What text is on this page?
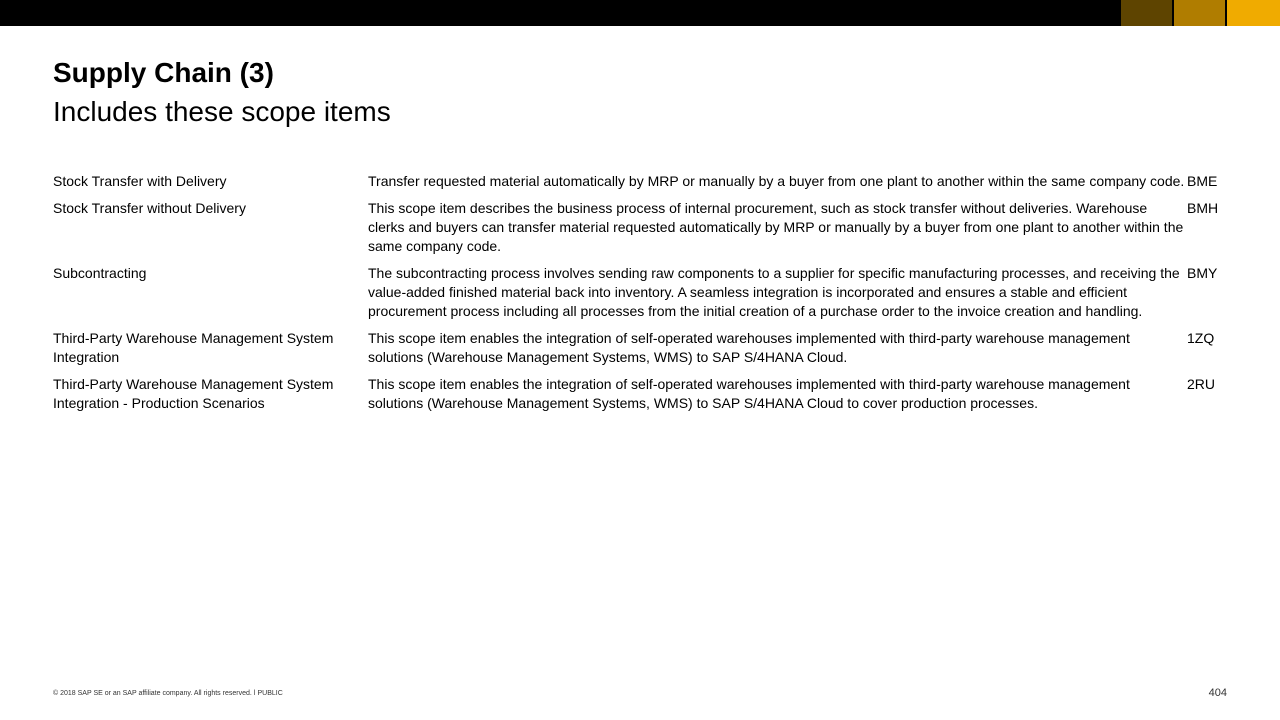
Supply Chain (3)
Includes these scope items
Stock Transfer with Delivery	Transfer requested material automatically by MRP or manually by a buyer from one plant to another within the same company code.	BME
Stock Transfer without Delivery	This scope item describes the business process of internal procurement, such as stock transfer without deliveries. Warehouse clerks and buyers can transfer material requested automatically by MRP or manually by a buyer from one plant to another within the same company code.	BMH
Subcontracting	The subcontracting process involves sending raw components to a supplier for specific manufacturing processes, and receiving the value-added finished material back into inventory. A seamless integration is incorporated and ensures a stable and efficient procurement process including all processes from the initial creation of a purchase order to the invoice creation and handling.	BMY
Third-Party Warehouse Management System Integration	This scope item enables the integration of self-operated warehouses implemented with third-party warehouse management solutions (Warehouse Management Systems, WMS) to SAP S/4HANA Cloud.	1ZQ
Third-Party Warehouse Management System Integration - Production Scenarios	This scope item enables the integration of self-operated warehouses implemented with third-party warehouse management solutions (Warehouse Management Systems, WMS) to SAP S/4HANA Cloud to cover production processes.	2RU
© 2018 SAP SE or an SAP affiliate company. All rights reserved. ǀ PUBLIC	404
